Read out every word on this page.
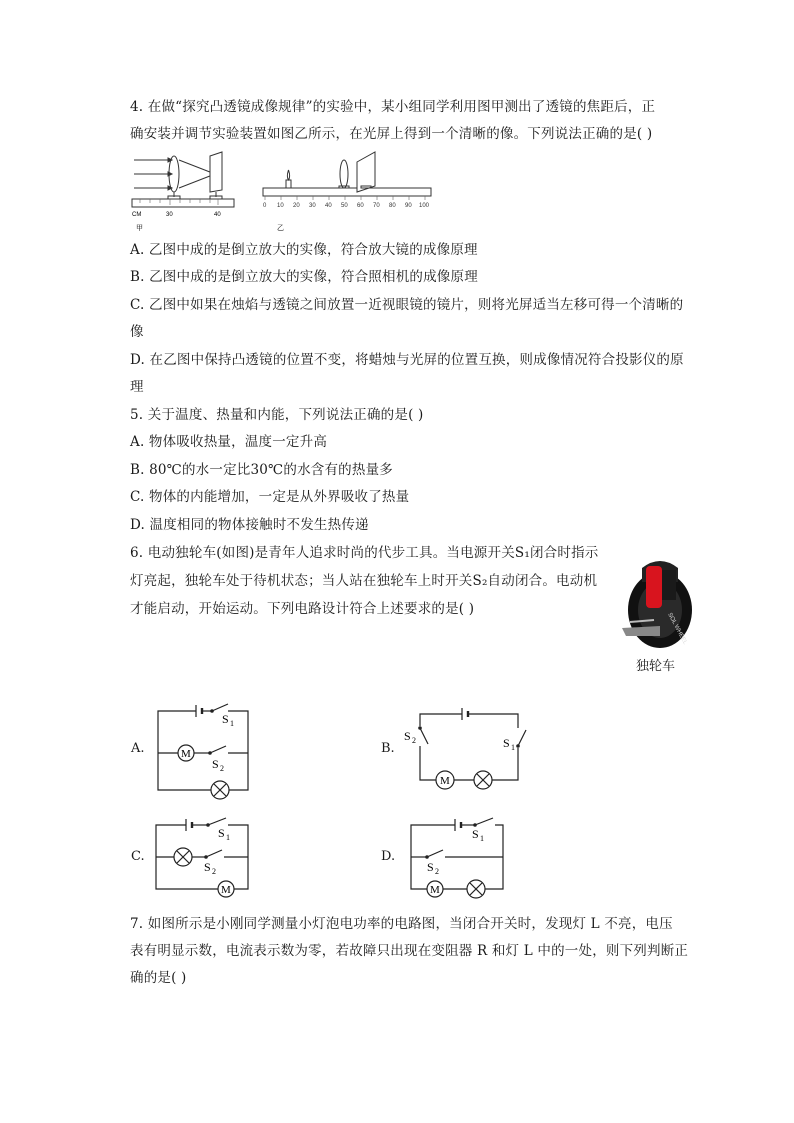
4. 在做“探究凸透镜成像规律”的实验中，某小组同学利用图甲测出了透镜的焦距后，正
确安装并调节实验装置如图乙所示，在光屏上得到一个清晰的像。下列说法正确的是( )
CM	30	40
甲
0 10 20 30 40 50 60 70 80 90 100
乙
A. 乙图中成的是倒立放大的实像，符合放大镜的成像原理
B. 乙图中成的是倒立放大的实像，符合照相机的成像原理
C. 乙图中如果在烛焰与透镜之间放置一近视眼镜的镜片，则将光屏适当左移可得一个清晰的
像
D. 在乙图中保持凸透镜的位置不变，将蜡烛与光屏的位置互换，则成像情况符合投影仪的原
理
5. 关于温度、热量和内能，下列说法正确的是( )
A. 物体吸收热量，温度一定升高
B. 80℃的水一定比30℃的水含有的热量多
C. 物体的内能增加，一定是从外界吸收了热量
D. 温度相同的物体接触时不发生热传递
6. 电动独轮车(如图)是青年人追求时尚的代步工具。当电源开关S₁闭合时指示
灯亮起，独轮车处于待机状态；当人站在独轮车上时开关S₂自动闭合。电动机
才能启动，开始运动。下列电路设计符合上述要求的是( )
SOL WHEEL
独轮车
A.	M
S 1
S 2
B.
M
S 2	S 1
C.
M
S 1
S 2
D.
M
S 1
S 2
7. 如图所示是小刚同学测量小灯泡电功率的电路图，当闭合开关时，发现灯 L 不亮，电压
表有明显示数，电流表示数为零，若故障只出现在变阻器 R 和灯 L 中的一处，则下列判断正
确的是( )
